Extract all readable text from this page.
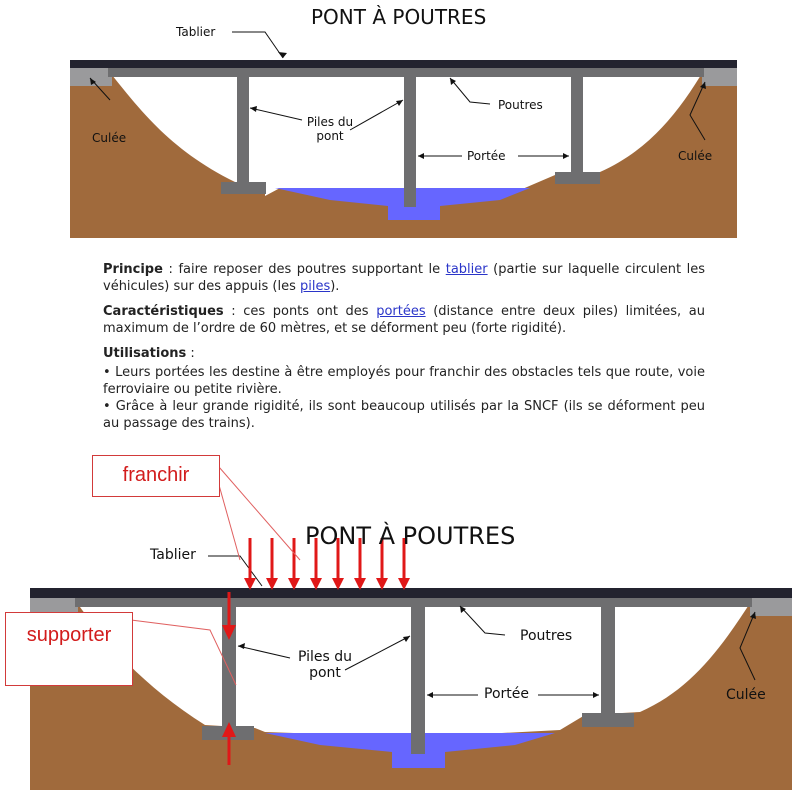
PONT À POUTRES
Tablier
Poutres
Culée
Culée
Piles du
pont
Portée

Principe : faire reposer des poutres supportant le tablier (partie sur laquelle circulent les véhicules) sur des appuis (les piles).

Caractéristiques : ces ponts ont des portées (distance entre deux piles) limitées, au maximum de l’ordre de 60 mètres, et se déforment peu (forte rigidité).

Utilisations :

• Leurs portées les destine à être employés pour franchir des obstacles tels que route, voie ferroviaire ou petite rivière.
• Grâce à leur grande rigidité, ils sont beaucoup utilisés par la SNCF (ils se déforment peu au passage des trains).
franchir
supporter
PONT À POUTRES
Tablier
Poutres
Culée
Piles du
pont
Portée
